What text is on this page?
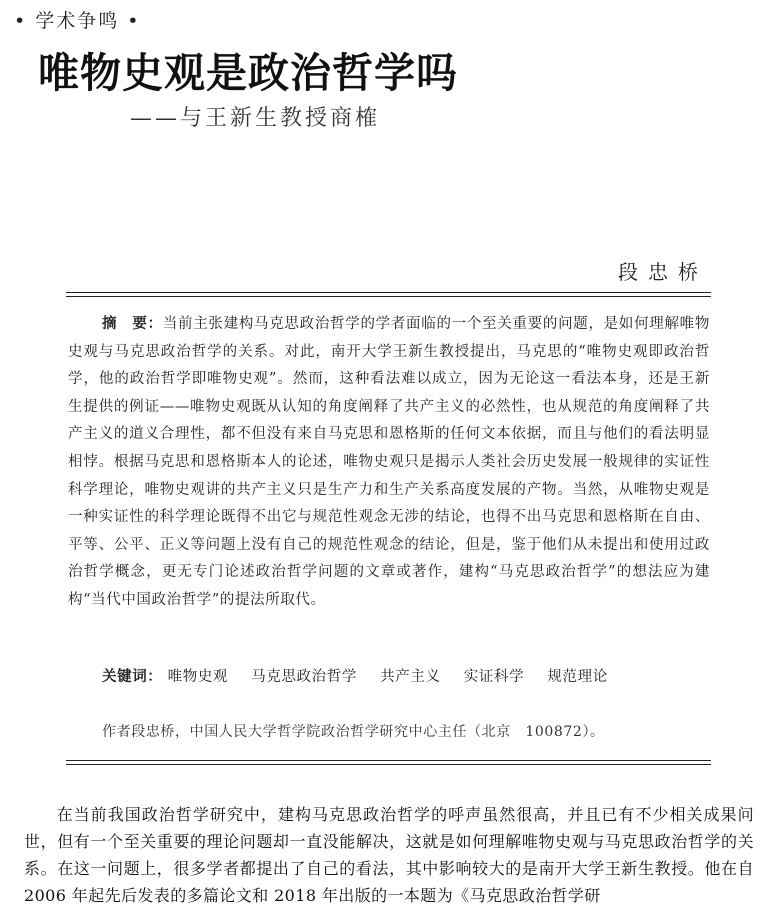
• 学术争鸣 •
唯物史观是政治哲学吗
——与王新生教授商榷
段忠桥
摘　要：当前主张建构马克思政治哲学的学者面临的一个至关重要的问题，是如何理解唯物史观与马克思政治哲学的关系。对此，南开大学王新生教授提出，马克思的“唯物史观即政治哲学，他的政治哲学即唯物史观”。然而，这种看法难以成立，因为无论这一看法本身，还是王新生提供的例证——唯物史观既从认知的角度阐释了共产主义的必然性，也从规范的角度阐释了共产主义的道义合理性，都不但没有来自马克思和恩格斯的任何文本依据，而且与他们的看法明显相悖。根据马克思和恩格斯本人的论述，唯物史观只是揭示人类社会历史发展一般规律的实证性科学理论，唯物史观讲的共产主义只是生产力和生产关系高度发展的产物。当然，从唯物史观是一种实证性的科学理论既得不出它与规范性观念无涉的结论，也得不出马克思和恩格斯在自由、平等、公平、正义等问题上没有自己的规范性观念的结论，但是，鉴于他们从未提出和使用过政治哲学概念，更无专门论述政治哲学问题的文章或著作，建构“马克思政治哲学”的想法应为建构“当代中国政治哲学”的提法所取代。
关键词： 唯物史观 马克思政治哲学 共产主义 实证科学 规范理论
作者段忠桥，中国人民大学哲学院政治哲学研究中心主任（北京　100872）。
在当前我国政治哲学研究中，建构马克思政治哲学的呼声虽然很高，并且已有不少相关成果问世，但有一个至关重要的理论问题却一直没能解决，这就是如何理解唯物史观与马克思政治哲学的关系。在这一问题上，很多学者都提出了自己的看法，其中影响较大的是南开大学王新生教授。他在自 2006 年起先后发表的多篇论文和 2018 年出版的一本题为《马克思政治哲学研
